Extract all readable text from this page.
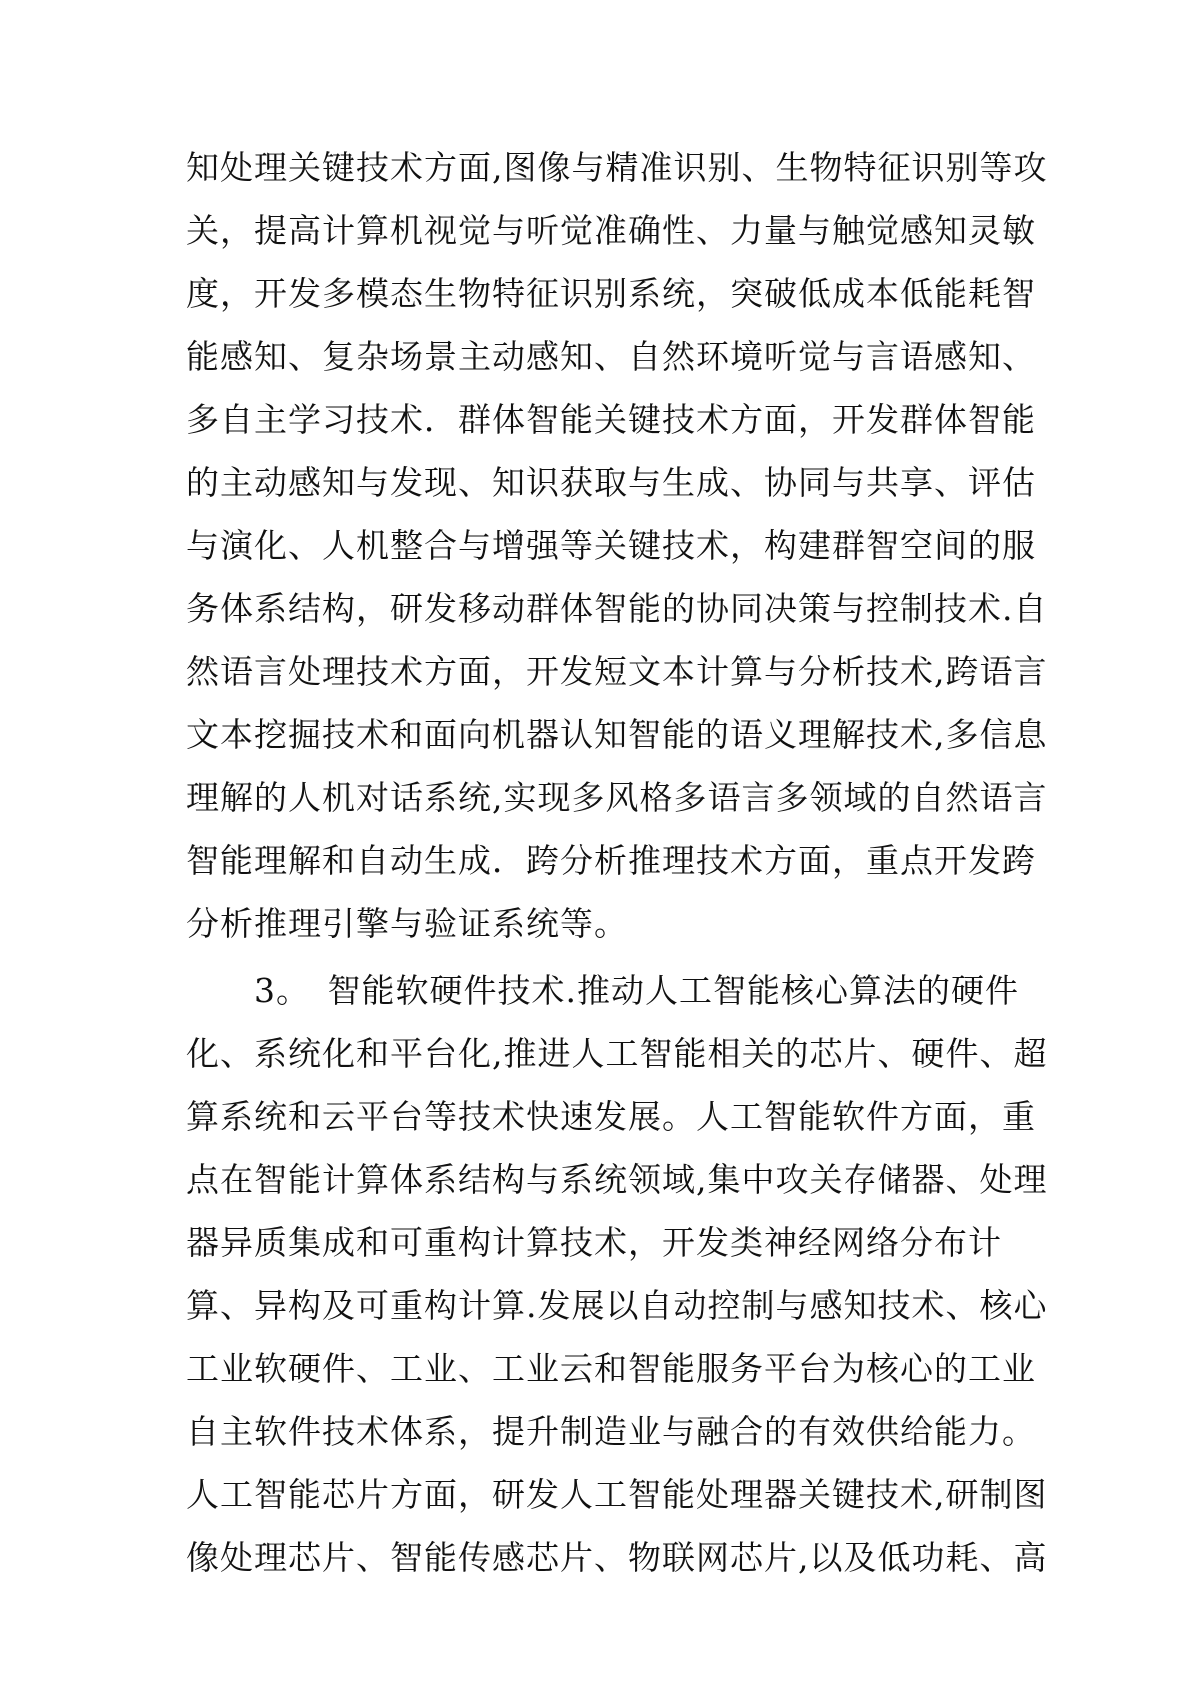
知处理关键技术方面,图像与精准识别、生物特征识别等攻
关，提高计算机视觉与听觉准确性、力量与触觉感知灵敏
度，开发多模态生物特征识别系统，突破低成本低能耗智
能感知、复杂场景主动感知、自然环境听觉与言语感知、
多自主学习技术．群体智能关键技术方面，开发群体智能
的主动感知与发现、知识获取与生成、协同与共享、评估
与演化、人机整合与增强等关键技术，构建群智空间的服
务体系结构，研发移动群体智能的协同决策与控制技术.自
然语言处理技术方面，开发短文本计算与分析技术,跨语言
文本挖掘技术和面向机器认知智能的语义理解技术,多信息
理解的人机对话系统,实现多风格多语言多领域的自然语言
智能理解和自动生成．跨分析推理技术方面，重点开发跨
分析推理引擎与验证系统等。
　　3。　智能软硬件技术.推动人工智能核心算法的硬件
化、系统化和平台化,推进人工智能相关的芯片、硬件、超
算系统和云平台等技术快速发展。人工智能软件方面，重
点在智能计算体系结构与系统领域,集中攻关存储器、处理
器异质集成和可重构计算技术，开发类神经网络分布计
算、异构及可重构计算.发展以自动控制与感知技术、核心
工业软硬件、工业、工业云和智能服务平台为核心的工业
自主软件技术体系，提升制造业与融合的有效供给能力。
人工智能芯片方面，研发人工智能处理器关键技术,研制图
像处理芯片、智能传感芯片、物联网芯片,以及低功耗、高
